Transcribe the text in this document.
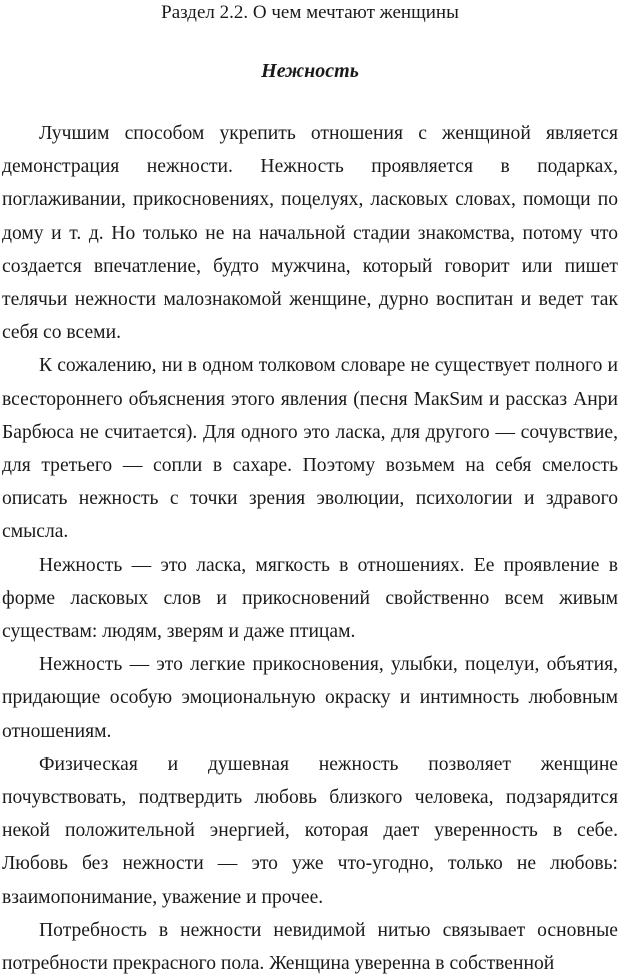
Раздел 2.2. О чем мечтают женщины
Нежность

Лучшим способом укрепить отношения с женщиной является демонстрация нежности. Нежность проявляется в подарках, поглаживании, прикосновениях, поцелуях, ласковых словах, помощи по дому и т. д. Но только не на начальной стадии знакомства, потому что создается впечатление, будто мужчина, который говорит или пишет телячьи нежности малознакомой женщине, дурно воспитан и ведет так себя со всеми.

К сожалению, ни в одном толковом словаре не существует полного и всестороннего объяснения этого явления (песня МакSим и рассказ Анри Барбюса не считается). Для одного это ласка, для другого — сочувствие, для третьего — сопли в сахаре. Поэтому возьмем на себя смелость описать нежность с точки зрения эволюции, психологии и здравого смысла.

Нежность — это ласка, мягкость в отношениях. Ее проявление в форме ласковых слов и прикосновений свойственно всем живым существам: людям, зверям и даже птицам.

Нежность — это легкие прикосновения, улыбки, поцелуи, объятия, придающие особую эмоциональную окраску и интимность любовным отношениям.

Физическая и душевная нежность позволяет женщине почувствовать, подтвердить любовь близкого человека, подзарядится некой положительной энергией, которая дает уверенность в себе. Любовь без нежности — это уже что-угодно, только не любовь: взаимопонимание, уважение и прочее.

Потребность в нежности невидимой нитью связывает основные потребности прекрасного пола. Женщина уверенна в собственной
